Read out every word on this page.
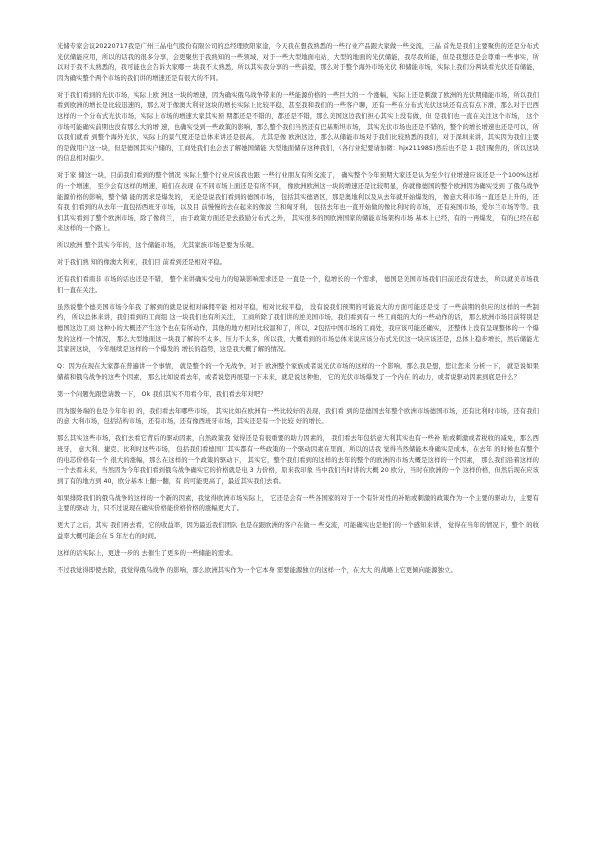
光储专家会议20220717我是广州三晶电气股份有限公司的总经理欧阳家淦，今天我在想我熟悉的一些行业产品跟大家做一些交流，三晶 首先是我们主要聚焦的还是分布式 光伏储能应用，所以的话我的很多分享，会更聚焦于我熟知的一些领域，对于一些大型地面电站，大型的地面的光伏储能，我尽我所能，但是我想还是会尊重一些事实，所以对于我不太熟悉的，我可能也会告诉大家哪一 块我不太熟悉，所以其实我分享的一些前提，那么对于整个海外市场光伏 和储能市场，实际上我们分两块看光伏还有储能，因为确实整个两个市场的我们讲的增速还是有很大的不同。

对于我们看到的光伏市场，实际上欧 洲这一块的增速，因为确实俄乌战争带来的一些能源价格的一些巨大的一 个涨幅，实际上还是刺激了欧洲的光伏期储能市场，所以我们看到欧洲的增长是比较迅速的，那么对于像澳大利亚这块的增长实际上比较平稳，甚至我和我们的一些客户聊，还有一些在分布式光伏这块还有点有点下滑，那么对于巴西这样的一个分布式光伏市场，实际上市场的增速大家其实预 期都还是不错的，都还是不错，那么美国这边我们担心其实上没有做，但 是我们也一直在关注这个市场， 这个市场可能确实前期也没有那么大的增 速，也确实受到一些政策的影响，那么整个我们当然还有巴基斯坦市场， 其实光伏市场也还是不错的，整个的增长增速也还是可以，所以我们就看 到整个海外光伏，实际上的景气度还是总体来讲还是很高， 尤其是像 欧洲这边，那么从储能市场对于我们比较熟悉的我们，对于深圳来讲，其实因为我们主要的是做用户这一块，但是德国其实户储的，工商处我们也会去了解她国储能 大型地面储存这种我们，（各行业纪要请加微：hjx211985)然后也不是 1 我们聚焦的，所以这块的信息相对偏少。

对于家 储这一块，目前我们看到的整个情况 实际上整个行业应该我也跟 一些行业朋友有所交流了， 确实整个今年预期大家还是认为至少行业增速应该还是一个100%这样的一个增速， 至少会有这样的增速，咱们在表现 在不同市场上面还是有所不同， 像欧洲欧洲这一块的增速还是比较明显，你就像德国的整个欧洲因为确实受到 了俄乌战争能源价格的影响，整个储 能的需求是爆发的， 无论是说我们看到的德国市场， 包括其实德语区，那是奥地利以及从去年就开始爆发的， 像意大利市场一直还是上升的，还有我 们看到的从去年一直包括西班牙市场，以及目 前慢慢的去在起来的像波 兰和匈牙利， 包括去年也一直开始做的像比利时的市场， 还有英国市场，爱尔兰市场等等。我们其实看到了整个欧洲市场，除了像荷兰， 由于政策方面还是去鼓励分布式之外， 其实很多的国欧洲国家的储能市场架构市场 基本上已经，有的一再爆发， 有的已经在起来这样的一个路上。

所以欧洲 整个其实今年的，这个储能市场， 尤其家族市场是要为乐观。

对于我们熟 知的像澳大利亚，我们目 前看到还是相对平稳。

还有我们看南非 市场的话也还是不错， 整个来讲确实受电力的短缺影响需求还是 一直是一个，稳增长的一个需求， 德国是美国市场我们目前还没有进去， 所以就美市场我们一直在关注。

虽然说整个德美国市场今年我 了解到的就是说相对麻佣平能 相对平稳，相对比较平稳， 没有说我们预期的可能说大的方面可能还是受 了一些前期的供应的这样的一些制约， 所以总体来讲，我们看到的工商组 这一块我们也有所关注， 工商所除了我们讲的逆美国市场，我们看到有一 些工商组的大的一些动作的话， 那么欧洲市场目前特别是德国这边工商 这种小的大概还产生这个也在有所动作，其他的地方相对比较温和了，所以，2包括中国市场的工商处，我应该可能还确实， 还整体上没有呈现整体的一 个爆发的这样一个情况， 那么大型地面这一块我了解的不太多，压力不太多，所以我，大概看到的市场总体来说应该分布式光伏这一块应该还是，总体上稳步增长，然后储能尤其家居这块， 今年继续是这样的一个爆发的 增长的趋势，这是我大概了解的情况。

Q：因为在现在大家都在普遍讲一个事情， 就是整个的一个无战争，对于 欧洲整个家族或者说光伏市场的这样的一个影响，那么我是想，您让您来 分析一下， 就是说如果储蓄和俄乌战争的这些个因素， 那么比如说看去年，或者说您再展望一下未来，就是说这种他， 它的光伏市场爆发了一个内在 的动力，或者说驱动因素到底是什么？

第一个问题先跟您请教一下， Ok 我们其实不用看今年，我们看去年对吧？

因为服务端的也是今年年初 的，我们看去年哪些市场， 其实比如在欧洲有一些比较好的表现，我们看 到的是德国去年整个欧洲市场德国市场，还有比利时市场，还有我们的意 大利市场，包括结构市场，还有市场，还有像西班牙市场，其实还是有一个比较 好的增长。

那么其实这些市场，我们去看它背后的驱动因素，自然政策我 觉得还是有很重要的助力因素的， 我们看去年包括意大利其实也有一些补 贴或刺激或者税收的减免，那么西班牙， 意大利、捷克、比利时这些市场， 包括我们看德国厂其实都有一些政策的一个驱动因素在里面，所以的话我 觉得当然储能本身确实是成本，在去年 的时候也有整个的电芯价格有一个 很大的涨幅，那么在这样的一个政策的驱动下， 其实它，整个我们看到的这样的去年的整个的欧洲的市场大概是这样的一个因素， 那么我们沿着这样的一个去看未来，当然因为今年我们看到俄乌战争确实它的价格就是电 3 力价格，原来我印象 当中我们当时讲的大概 20 欧分，当时在欧洲的一个 这样价格，但然后现在应该到了有的地方到 40，欧分基本上翻一翻，有 的可能更高了，最近其实我们去看。

如果排除我们的俄乌战争的这样的一个新的因素，我觉得欧洲市场实际上， 它还是会有一些各国家的对于一个有针对性的补贴或刺激的政策作为一个主要的驱动力，主要有主要的驱动 力，只不过说现在确实价格能价格价格的涨幅更大了。

更大了之后，其实 我们再去看，它的收益率，因为最近我们团队 也是在跟欧洲的客户在做一 些交流，可能确实也是他们的一个感知来讲， 觉得在当年的情况下，整个 的收益率大概可能会在 5 年左右的时间。

这样的话实际上，更进一步的 去催生了更多的一些储能的需求。

不过我觉得即使去除，我觉得俄乌战争 的影响，那么欧洲其实作为一个它本身 需要能源独立的这样一个，在大大 的战略上它更倾向能源独立。
